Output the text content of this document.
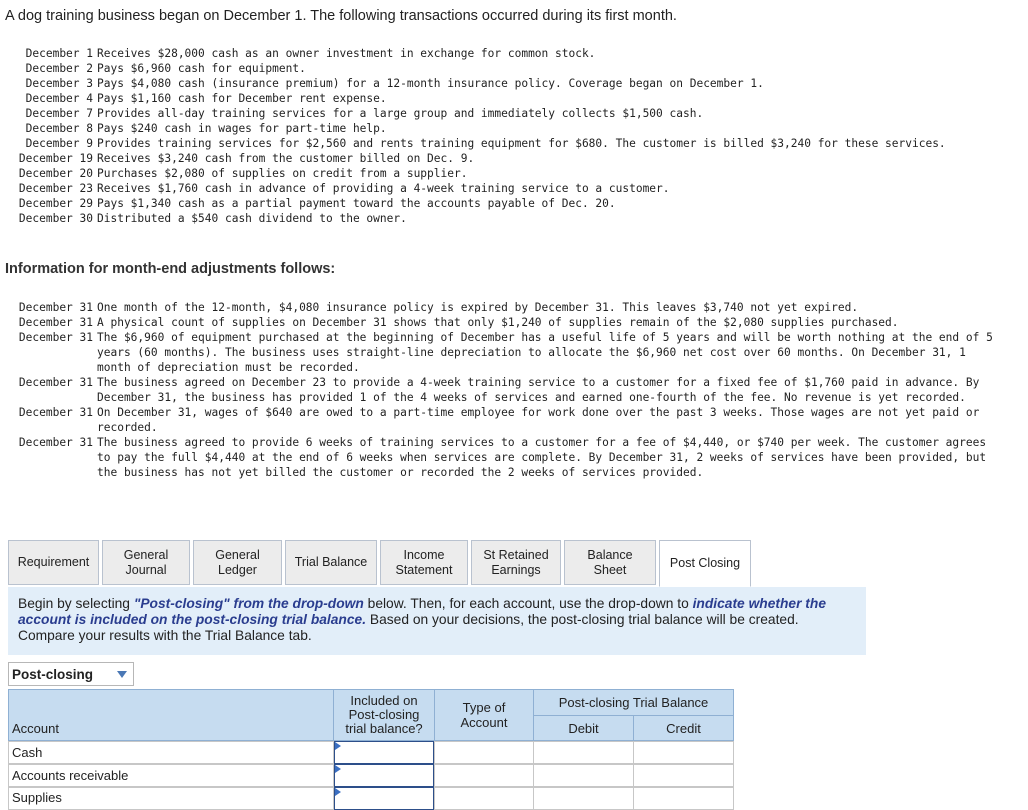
A dog training business began on December 1. The following transactions occurred during its first month.
December 1 Receives $28,000 cash as an owner investment in exchange for common stock.
December 2 Pays $6,960 cash for equipment.
December 3 Pays $4,080 cash (insurance premium) for a 12-month insurance policy. Coverage began on December 1.
December 4 Pays $1,160 cash for December rent expense.
December 7 Provides all-day training services for a large group and immediately collects $1,500 cash.
December 8 Pays $240 cash in wages for part-time help.
December 9 Provides training services for $2,560 and rents training equipment for $680. The customer is billed $3,240 for these services.
December 19 Receives $3,240 cash from the customer billed on Dec. 9.
December 20 Purchases $2,080 of supplies on credit from a supplier.
December 23 Receives $1,760 cash in advance of providing a 4-week training service to a customer.
December 29 Pays $1,340 cash as a partial payment toward the accounts payable of Dec. 20.
December 30 Distributed a $540 cash dividend to the owner.
Information for month-end adjustments follows:
December 31 One month of the 12-month, $4,080 insurance policy is expired by December 31. This leaves $3,740 not yet expired.
December 31 A physical count of supplies on December 31 shows that only $1,240 of supplies remain of the $2,080 supplies purchased.
December 31 The $6,960 of equipment purchased at the beginning of December has a useful life of 5 years and will be worth nothing at the end of 5 years (60 months). The business uses straight-line depreciation to allocate the $6,960 net cost over 60 months. On December 31, 1 month of depreciation must be recorded.
December 31 The business agreed on December 23 to provide a 4-week training service to a customer for a fixed fee of $1,760 paid in advance. By December 31, the business has provided 1 of the 4 weeks of services and earned one-fourth of the fee. No revenue is yet recorded.
December 31 On December 31, wages of $640 are owed to a part-time employee for work done over the past 3 weeks. Those wages are not yet paid or recorded.
December 31 The business agreed to provide 6 weeks of training services to a customer for a fee of $4,440, or $740 per week. The customer agrees to pay the full $4,440 at the end of 6 weeks when services are complete. By December 31, 2 weeks of services have been provided, but the business has not yet billed the customer or recorded the 2 weeks of services provided.
Requirement
General
Journal
General
Ledger
Trial Balance
Income
Statement
St Retained
Earnings
Balance Sheet	Post Closing
Begin by selecting "Post-closing" from the drop-down below. Then, for each account, use the drop-down to indicate whether the account is included on the post-closing trial balance. Based on your decisions, the post-closing trial balance will be created. Compare your results with the Trial Balance tab.
Post-closing
Account
Included on
Post-closing
trial balance?
Type of
Account
Post-closing Trial Balance
Debit	Credit
Cash
Accounts receivable
Supplies
